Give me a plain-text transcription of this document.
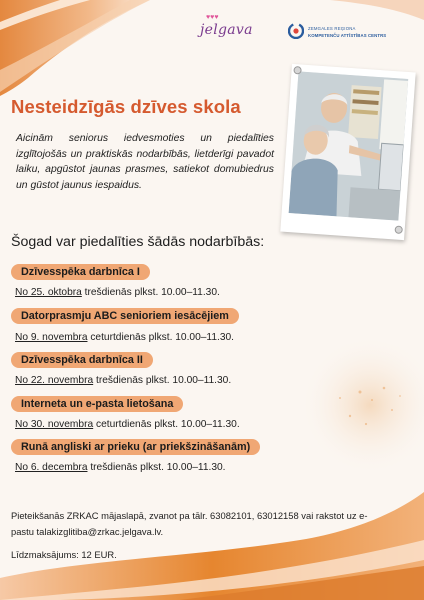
♥♥♥
jelgava	ZEMGALES REĢIONA
KOMPETENČU ATTĪSTĪBAS CENTRS
Nesteidzīgās dzīves skola
Aicinām seniorus iedvesmoties un piedalīties izglītojošās un praktiskās nodarbībās, lietderīgi pavadot laiku, apgūstot jaunas prasmes, satiekot domubiedrus un gūstot jaunus iespaidus.
Šogad var piedalīties šādās nodarbībās:
Dzīvesspēka darbnīca I
No 25. oktobra trešdienās plkst. 10.00–11.30.
Datorprasmju ABC senioriem iesācējiem
No 9. novembra ceturtdienās plkst. 10.00–11.30.
Dzīvesspēka darbnīca II
No 22. novembra trešdienās plkst. 10.00–11.30.
Interneta un e-pasta lietošana
No 30. novembra ceturtdienās plkst. 10.00–11.30.
Runā angliski ar prieku (ar priekšzināšanām)
No 6. decembra trešdienās plkst. 10.00–11.30.
Pieteikšanās ZRKAC mājaslapā, zvanot pa tālr. 63082101, 63012158 vai rakstot uz e-pastu talakizglitiba@zrkac.jelgava.lv.
Līdzmaksājums: 12 EUR.
